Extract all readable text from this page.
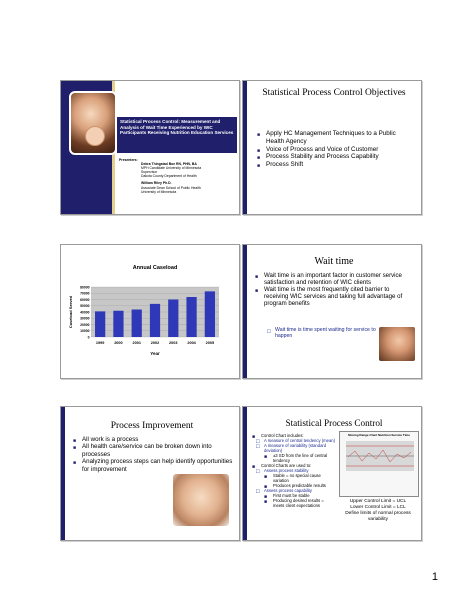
Statistical Process Control: Measurement and Analysis of Wait Time Experienced by WIC Participants Receiving Nutrition Education Services
Presenters:
Debra Thingstad Boe RN, PHN, BA
MPH Candidate University of Minnesota
Supervisor
Dakota County Department of Health
William Riley Ph.D.
Associate Dean School of Public Health
University of Minnesota
Statistical Process Control Objectives
■ Apply HC Management Techniques to a Public Health Agency
■ Voice of Process and Voice of Customer
■ Process Stability and Process Capability
■ Process Shift
Annual Caseload
0
10000
20000
30000
40000
50000
60000
70000
80000
1999	2000	2001	2002	2003	2004	2005
Year
Caseload Served
Wait time
■ Wait time is an important factor in customer service satisfaction and retention of WIC clients
■ Wait time is the most frequently cited barrier to receiving WIC services and taking full advantage of program benefits
□ Wait time is time spent waiting for service to happen
Process Improvement
■ All work is a process
■ All health care/service can be broken down into processes
■ Analyzing process steps can help identify opportunities for improvement
Statistical Process Control
■ Control Chart includes:
□ A measure of central tendency (mean)
□ A measure of variability (standard deviation)
■ ±3 SD from the line of central tendency
■ Control Charts are used to:
□ Assess process stability
■ Stable = no special cause variation
■ Produces predictable results
□ Assess process capability
■ First must be stable
■ Producing desired results = meets client expectations
Moving Range Chart Nutrition Service Time
Upper Control Limit = UCL
Lower Control Limit = LCL
Define limits of normal process variability
1
